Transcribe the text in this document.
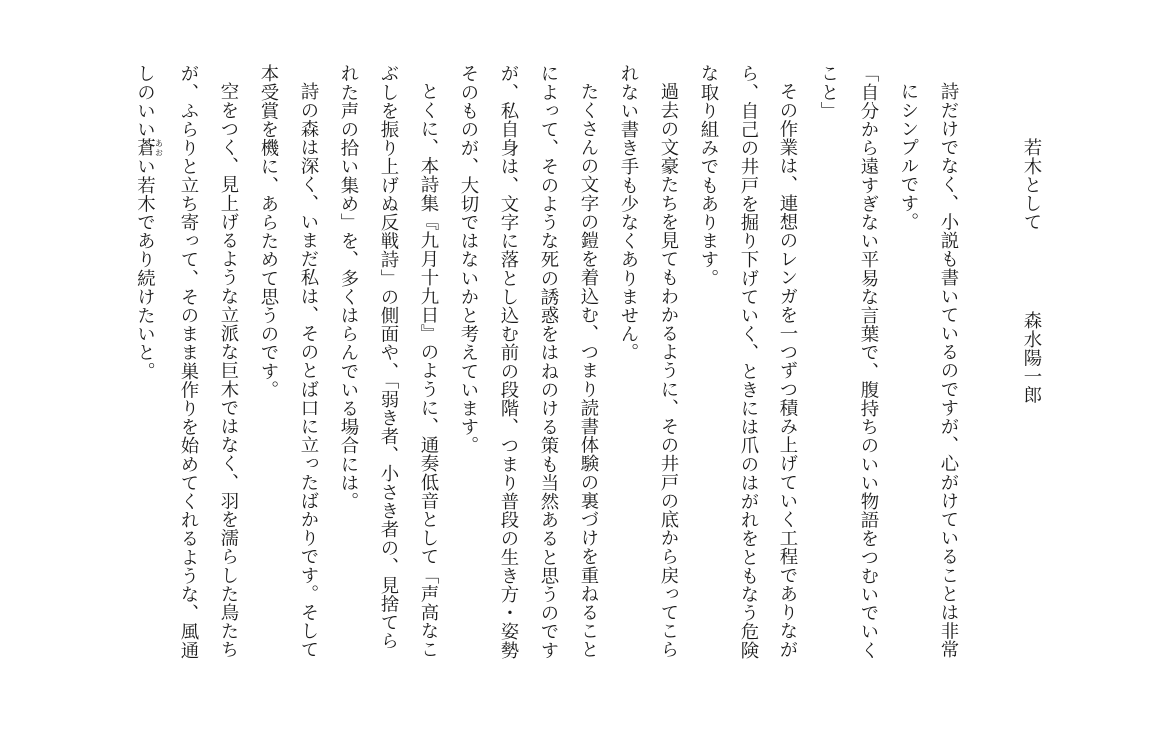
若木として
森水陽一郎
詩だけでなく、小説も書いているのですが、心がけていることは非常
にシンプルです。
「自分から遠すぎない平易な言葉で、腹持ちのいい物語をつむいでいく
こと」
その作業は、連想のレンガを一つずつ積み上げていく工程でありなが
ら、自己の井戸を掘り下げていく、ときには爪のはがれをともなう危険
な取り組みでもあります。
過去の文豪たちを見てもわかるように、その井戸の底から戻ってこら
れない書き手も少なくありません。
たくさんの文字の鎧を着込む、つまり読書体験の裏づけを重ねること
によって、そのような死の誘惑をはねのける策も当然あると思うのです
が、私自身は、文字に落とし込む前の段階、つまり普段の生き方・姿勢
そのものが、大切ではないかと考えています。
とくに、本詩集『九月十九日』のように、通奏低音として「声高なこ
ぶしを振り上げぬ反戦詩」の側面や、「弱き者、小さき者の、見捨てら
れた声の拾い集め」を、多くはらんでいる場合には。
詩の森は深く、いまだ私は、そのとば口に立ったばかりです。そして
本受賞を機に、あらためて思うのです。
空をつく、見上げるような立派な巨木ではなく、羽を濡らした鳥たち
が、ふらりと立ち寄って、そのまま巣作りを始めてくれるような、風通
しのいい蒼 あおい若木であり続けたいと。
